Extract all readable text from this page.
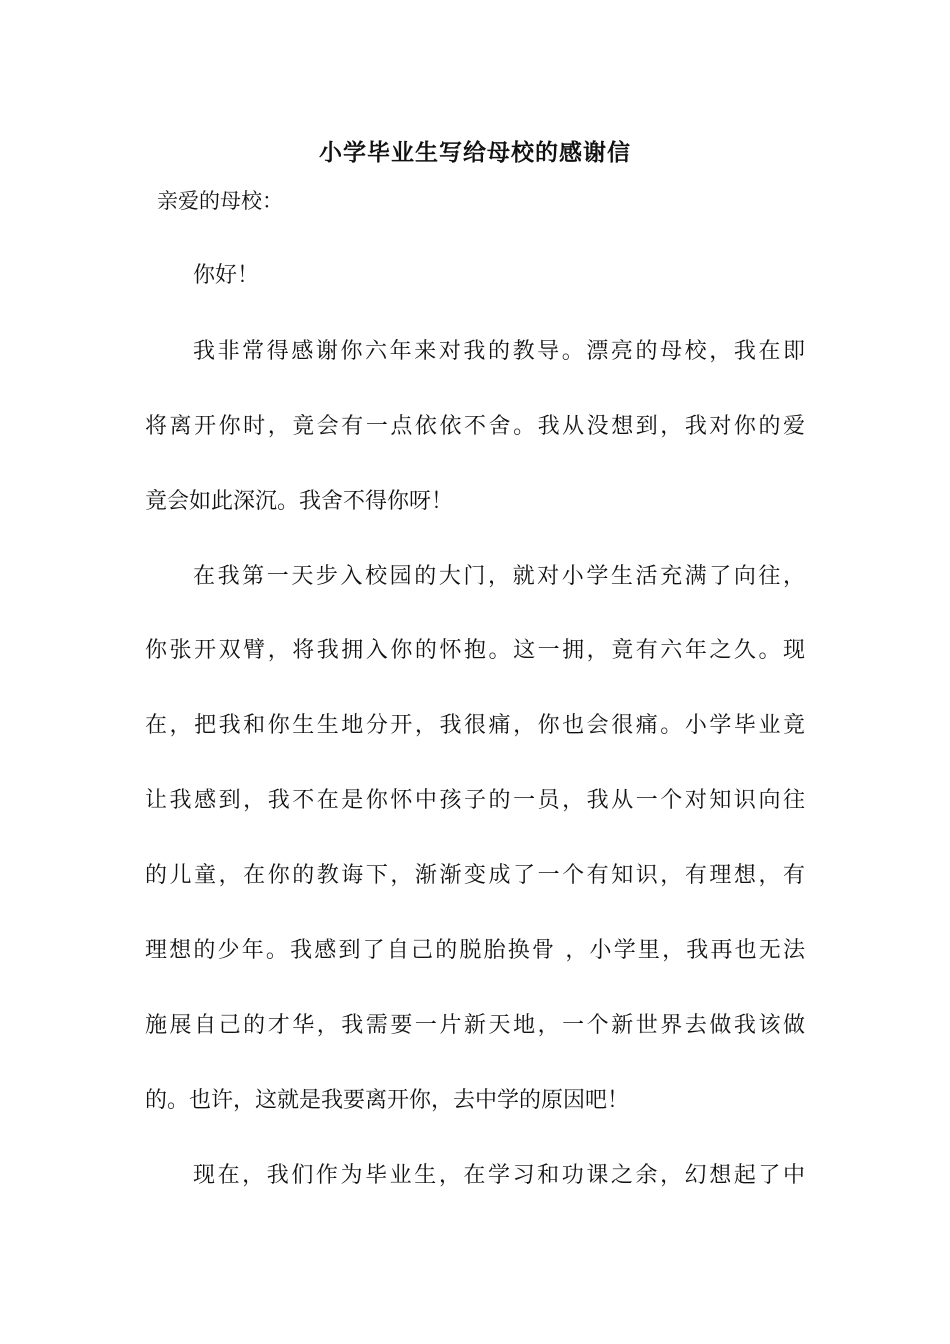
小学毕业生写给母校的感谢信

亲爱的母校：

你好！

我非常得感谢你六年来对我的教导。漂亮的母校，我在即

将离开你时，竟会有一点依依不舍。我从没想到，我对你的爱

竟会如此深沉。我舍不得你呀！

在我第一天步入校园的大门，就对小学生活充满了向往，

你张开双臂，将我拥入你的怀抱。这一拥，竟有六年之久。现

在，把我和你生生地分开，我很痛，你也会很痛。小学毕业竟

让我感到，我不在是你怀中孩子的一员，我从一个对知识向往

的儿童，在你的教诲下，渐渐变成了一个有知识，有理想，有

理想的少年。我感到了自己的脱胎换骨 ，小学里，我再也无法

施展自己的才华，我需要一片新天地，一个新世界去做我该做

的。也许，这就是我要离开你，去中学的原因吧！

现在，我们作为毕业生，在学习和功课之余，幻想起了中
